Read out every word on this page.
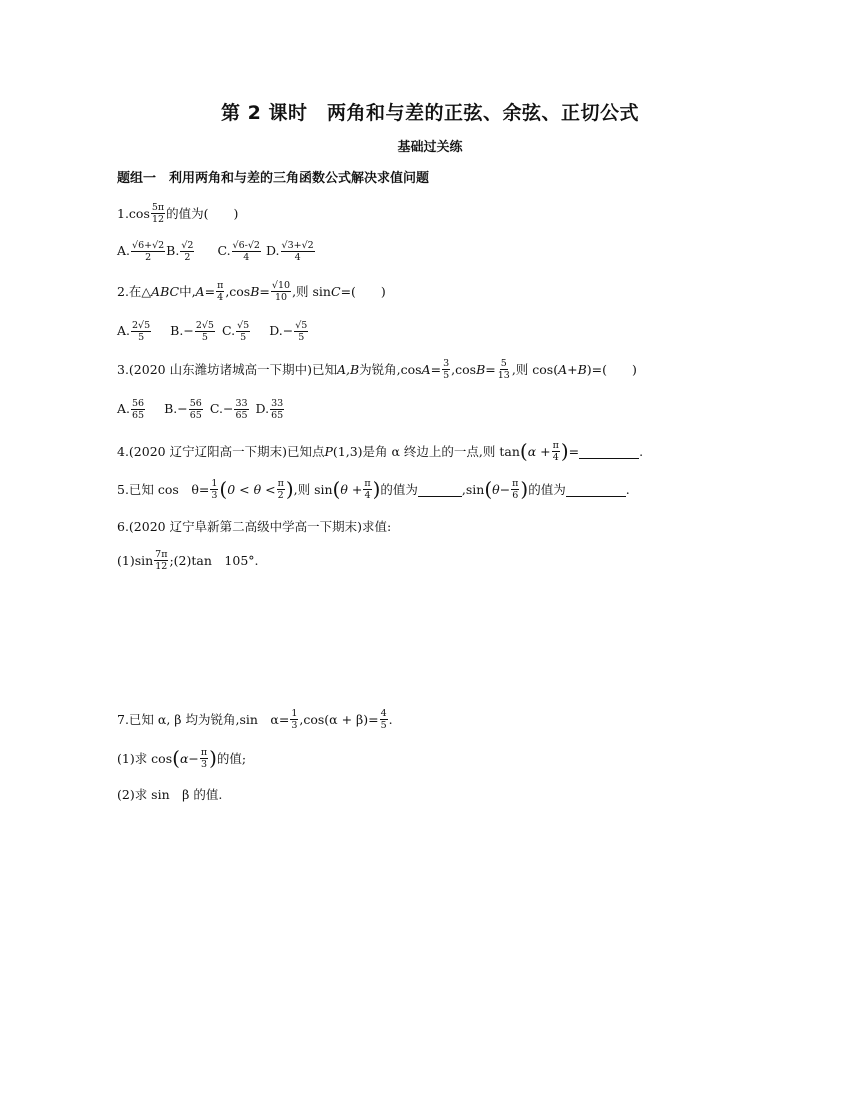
第 2 课时　两角和与差的正弦、余弦、正切公式
基础过关练
题组一　利用两角和与差的三角函数公式解决求值问题
$1.\cos \frac{5\pi}{12}$ 的值为(　　)
A. $\frac{√6+√2}{2} B$. $\frac{√2}{2} C$. $\frac{√6-√2}{4} D$. $\frac{√3+√2}{4}$
2.在△ ABC 中, $A = \frac{\pi}{4} ,\cos$ $B = \frac{√10}{10}$ ,则 sin C =(　　)
A. $\frac{2√5}{5} B.- \frac{2√5}{5} C$. $\frac{√5}{5} D.- \frac{√5}{5}$
3.(2020 山东潍坊诸城高一下期中)已知 A,B 为锐角,cos $A = \frac{3}{5} ,\cos$ $B = \frac{5}{13}$ ,则 cos( A+B )=(　　)
A. $\frac{56}{65} B.- \frac{56}{65} C.- \frac{33}{65} D$. $\frac{33}{65}$
4.(2020 辽宁辽阳高一下期末)已知点 P (1,3) 是角 α 终边上的一点,则 tan ( $\alpha + \frac{\pi}{4}$ ) =	.
5.已知 cos　$\theta= \frac{1}{3}$ ( $0 < \theta < \frac{\pi}{2}$ ) ,则 sin ( $\theta + \frac{\pi}{4}$ ) 的值为	,sin ( $\theta- \frac{\pi}{6}$ ) 的值为	.
6.(2020 辽宁阜新第二高级中学高一下期末)求值:
$(1)\sin \frac{7\pi}{12}$ ;(2)tan　105°.
7.已知 α, β 均为锐角,sin　$\alpha= \frac{1}{3} ,\cos(\alpha + \beta)= \frac{4}{5}$ .
(1)求 cos ( $\alpha- \frac{\pi}{3}$ ) 的值;
(2)求 sin　β 的值.
